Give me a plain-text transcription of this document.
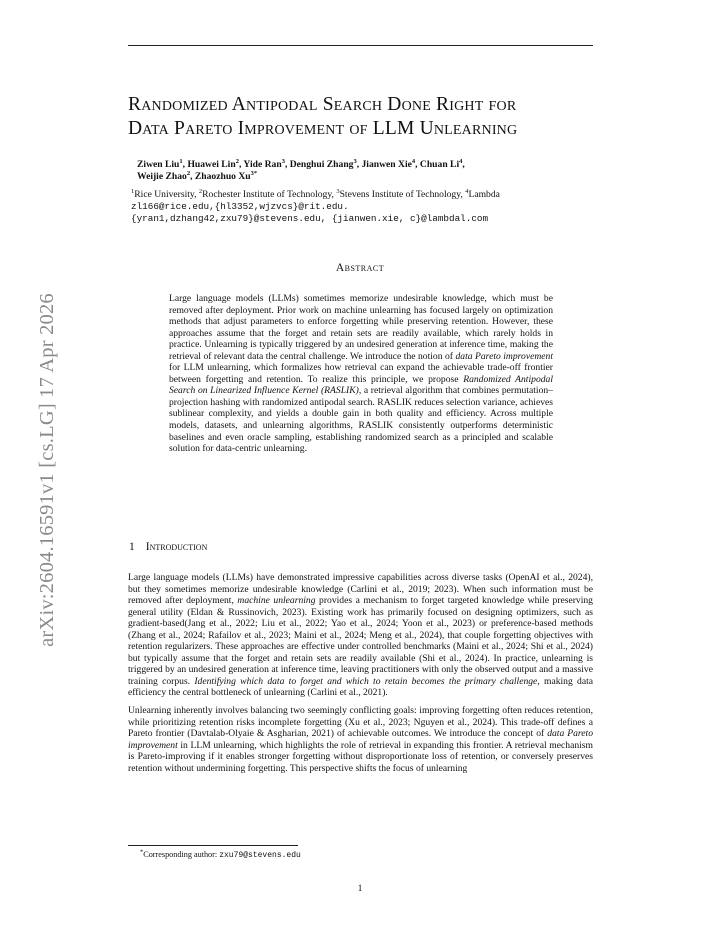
arXiv:2604.16591v1 [cs.LG] 17 Apr 2026
Randomized Antipodal Search Done Right for
Data Pareto Improvement of LLM Unlearning
Ziwen Liu$^1$, Huawei Lin$^2$, Yide Ran$^3$, Denghui Zhang$^3$, Jianwen Xie$^4$, Chuan Li$^4$,
Weijie Zhao$^2$, Zhaozhuo $Xu^{3*}$
$^1$Rice University, $^2$Rochester Institute of Technology, $^3$Stevens Institute of Technology, $^4$Lambda
zl166@rice.edu,{hl3352,wjzvcs}@rit.edu.
{yran1,dzhang42,zxu79}@stevens.edu, {jianwen.xie, c}@lambdal.com
Abstract

Large language models (LLMs) sometimes memorize undesirable knowledge, which must be removed after deployment. Prior work on machine unlearning has focused largely on optimization methods that adjust parameters to enforce forgetting while preserving retention. However, these approaches assume that the forget and retain sets are readily available, which rarely holds in practice. Unlearning is typically triggered by an undesired generation at inference time, making the retrieval of relevant data the central challenge. We introduce the notion of data Pareto improvement for LLM unlearning, which formalizes how retrieval can expand the achievable trade-off frontier between forgetting and retention. To realize this principle, we propose Randomized Antipodal Search on Linearized Influence Kernel (RASLIK), a retrieval algorithm that combines permutation–projection hashing with randomized antipodal search. RASLIK reduces selection variance, achieves sublinear complexity, and yields a double gain in both quality and efficiency. Across multiple models, datasets, and unlearning algorithms, RASLIK consistently outperforms deterministic baselines and even oracle sampling, establishing randomized search as a principled and scalable solution for data-centric unlearning.

1 Introduction

Large language models (LLMs) have demonstrated impressive capabilities across diverse tasks (OpenAI et al., 2024), but they sometimes memorize undesirable knowledge (Carlini et al., 2019; 2023). When such information must be removed after deployment, machine unlearning provides a mechanism to forget targeted knowledge while preserving general utility (Eldan & Russinovich, 2023). Existing work has primarily focused on designing optimizers, such as gradient-based(Jang et al., 2022; Liu et al., 2022; Yao et al., 2024; Yoon et al., 2023) or preference-based methods (Zhang et al., 2024; Rafailov et al., 2023; Maini et al., 2024; Meng et al., 2024), that couple forgetting objectives with retention regularizers. These approaches are effective under controlled benchmarks (Maini et al., 2024; Shi et al., 2024) but typically assume that the forget and retain sets are readily available (Shi et al., 2024). In practice, unlearning is triggered by an undesired generation at inference time, leaving practitioners with only the observed output and a massive training corpus. Identifying which data to forget and which to retain becomes the primary challenge, making data efficiency the central bottleneck of unlearning (Carlini et al., 2021).

Unlearning inherently involves balancing two seemingly conflicting goals: improving forgetting often reduces retention, while prioritizing retention risks incomplete forgetting (Xu et al., 2023; Nguyen et al., 2024). This trade-off defines a Pareto frontier (Davtalab-Olyaie & Asgharian, 2021) of achievable outcomes. We introduce the concept of data Pareto improvement in LLM unlearning, which highlights the role of retrieval in expanding this frontier. A retrieval mechanism is Pareto-improving if it enables stronger forgetting without disproportionate loss of retention, or conversely preserves retention without undermining forgetting. This perspective shifts the focus of unlearning

*Corresponding author: zxu79@stevens.edu
1
